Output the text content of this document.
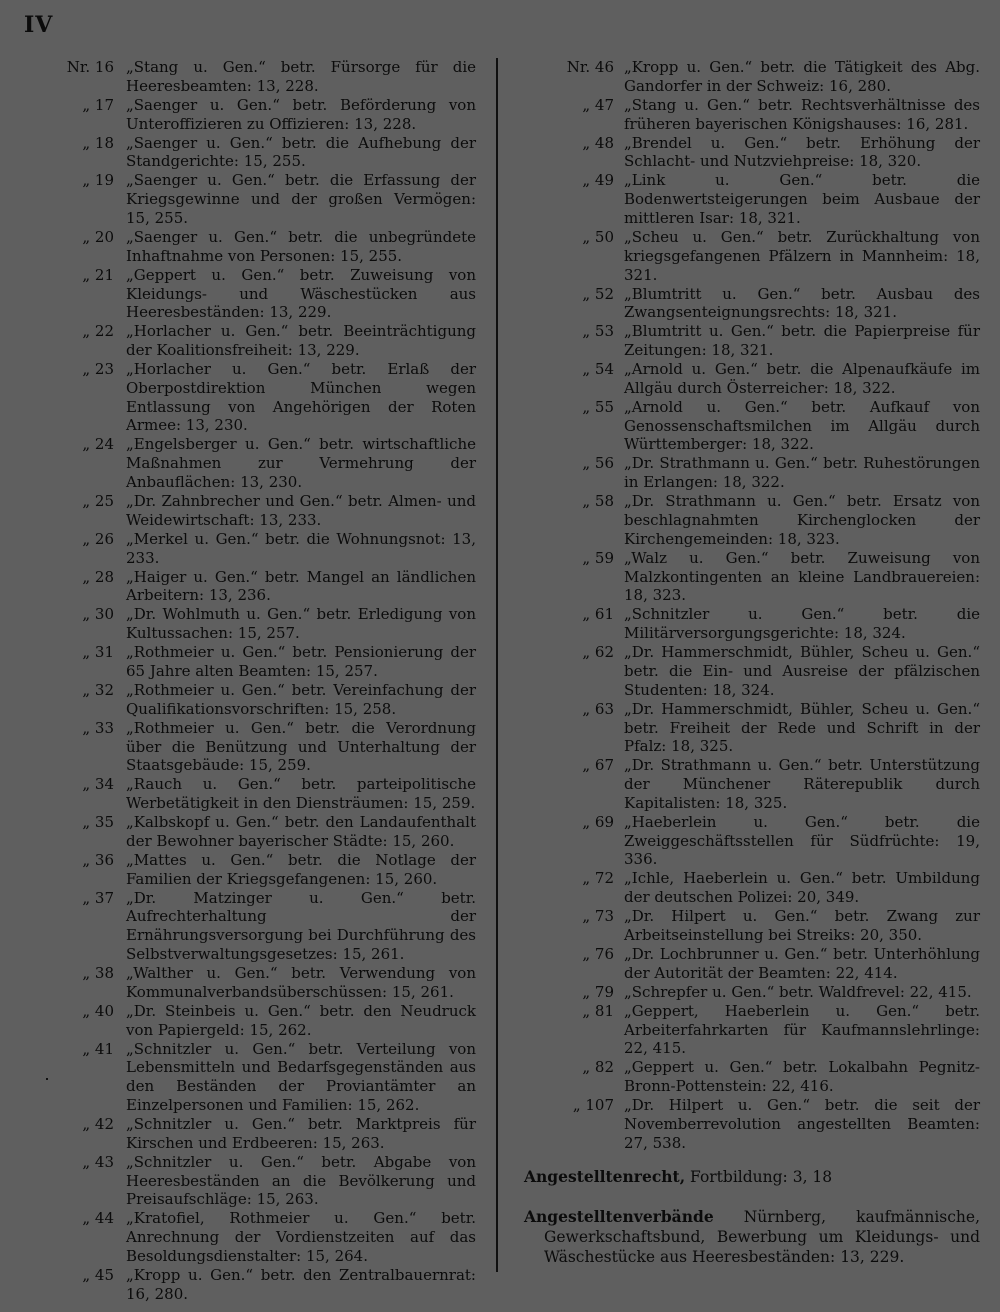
IV
Nr. 16 „Stang u. Gen.“ betr. Fürsorge für die Heeresbeamten: 13, 228.
„ 17 „Saenger u. Gen.“ betr. Beförderung von Unteroffizieren zu Offizieren: 13, 228.
„ 18 „Saenger u. Gen.“ betr. die Aufhebung der Standgerichte: 15, 255.
„ 19 „Saenger u. Gen.“ betr. die Erfassung der Kriegsgewinne und der großen Vermögen: 15, 255.
„ 20 „Saenger u. Gen.“ betr. die unbegründete Inhaftnahme von Personen: 15, 255.
„ 21 „Geppert u. Gen.“ betr. Zuweisung von Kleidungs- und Wäschestücken aus Heeresbeständen: 13, 229.
„ 22 „Horlacher u. Gen.“ betr. Beeinträchtigung der Koalitionsfreiheit: 13, 229.
„ 23 „Horlacher u. Gen.“ betr. Erlaß der Oberpostdirektion München wegen Entlassung von Angehörigen der Roten Armee: 13, 230.
„ 24 „Engelsberger u. Gen.“ betr. wirtschaftliche Maßnahmen zur Vermehrung der Anbauflächen: 13, 230.
„ 25 „Dr. Zahnbrecher und Gen.“ betr. Almen- und Weidewirtschaft: 13, 233.
„ 26 „Merkel u. Gen.“ betr. die Wohnungsnot: 13, 233.
„ 28 „Haiger u. Gen.“ betr. Mangel an ländlichen Arbeitern: 13, 236.
„ 30 „Dr. Wohlmuth u. Gen.“ betr. Erledigung von Kultussachen: 15, 257.
„ 31 „Rothmeier u. Gen.“ betr. Pensionierung der 65 Jahre alten Beamten: 15, 257.
„ 32 „Rothmeier u. Gen.“ betr. Vereinfachung der Qualifikationsvorschriften: 15, 258.
„ 33 „Rothmeier u. Gen.“ betr. die Verordnung über die Benützung und Unterhaltung der Staatsgebäude: 15, 259.
„ 34 „Rauch u. Gen.“ betr. parteipolitische Werbetätigkeit in den Diensträumen: 15, 259.
„ 35 „Kalbskopf u. Gen.“ betr. den Landaufenthalt der Bewohner bayerischer Städte: 15, 260.
„ 36 „Mattes u. Gen.“ betr. die Notlage der Familien der Kriegsgefangenen: 15, 260.
„ 37 „Dr. Matzinger u. Gen.“ betr. Aufrechterhaltung der Ernährungsversorgung bei Durchführung des Selbstverwaltungsgesetzes: 15, 261.
„ 38 „Walther u. Gen.“ betr. Verwendung von Kommunalverbandsüberschüssen: 15, 261.
„ 40 „Dr. Steinbeis u. Gen.“ betr. den Neudruck von Papiergeld: 15, 262.
„ 41 „Schnitzler u. Gen.“ betr. Verteilung von Lebensmitteln und Bedarfsgegenständen aus den Beständen der Proviantämter an Einzelpersonen und Familien: 15, 262.
„ 42 „Schnitzler u. Gen.“ betr. Marktpreis für Kirschen und Erdbeeren: 15, 263.
„ 43 „Schnitzler u. Gen.“ betr. Abgabe von Heeresbeständen an die Bevölkerung und Preisaufschläge: 15, 263.
„ 44 „Kratofiel, Rothmeier u. Gen.“ betr. Anrechnung der Vordienstzeiten auf das Besoldungsdienstalter: 15, 264.
„ 45 „Kropp u. Gen.“ betr. den Zentralbauernrat: 16, 280.
Nr. 46 „Kropp u. Gen.“ betr. die Tätigkeit des Abg. Gandorfer in der Schweiz: 16, 280.
„ 47 „Stang u. Gen.“ betr. Rechtsverhältnisse des früheren bayerischen Königshauses: 16, 281.
„ 48 „Brendel u. Gen.“ betr. Erhöhung der Schlacht- und Nutzviehpreise: 18, 320.
„ 49 „Link u. Gen.“ betr. die Bodenwertsteigerungen beim Ausbaue der mittleren Isar: 18, 321.
„ 50 „Scheu u. Gen.“ betr. Zurückhaltung von kriegsgefangenen Pfälzern in Mannheim: 18, 321.
„ 52 „Blumtritt u. Gen.“ betr. Ausbau des Zwangsenteignungsrechts: 18, 321.
„ 53 „Blumtritt u. Gen.“ betr. die Papierpreise für Zeitungen: 18, 321.
„ 54 „Arnold u. Gen.“ betr. die Alpenaufkäufe im Allgäu durch Österreicher: 18, 322.
„ 55 „Arnold u. Gen.“ betr. Aufkauf von Genossenschaftsmilchen im Allgäu durch Württemberger: 18, 322.
„ 56 „Dr. Strathmann u. Gen.“ betr. Ruhestörungen in Erlangen: 18, 322.
„ 58 „Dr. Strathmann u. Gen.“ betr. Ersatz von beschlagnahmten Kirchenglocken der Kirchengemeinden: 18, 323.
„ 59 „Walz u. Gen.“ betr. Zuweisung von Malzkontingenten an kleine Landbrauereien: 18, 323.
„ 61 „Schnitzler u. Gen.“ betr. die Militärversorgungsgerichte: 18, 324.
„ 62 „Dr. Hammerschmidt, Bühler, Scheu u. Gen.“ betr. die Ein- und Ausreise der pfälzischen Studenten: 18, 324.
„ 63 „Dr. Hammerschmidt, Bühler, Scheu u. Gen.“ betr. Freiheit der Rede und Schrift in der Pfalz: 18, 325.
„ 67 „Dr. Strathmann u. Gen.“ betr. Unterstützung der Münchener Räterepublik durch Kapitalisten: 18, 325.
„ 69 „Haeberlein u. Gen.“ betr. die Zweiggeschäftsstellen für Südfrüchte: 19, 336.
„ 72 „Ichle, Haeberlein u. Gen.“ betr. Umbildung der deutschen Polizei: 20, 349.
„ 73 „Dr. Hilpert u. Gen.“ betr. Zwang zur Arbeitseinstellung bei Streiks: 20, 350.
„ 76 „Dr. Lochbrunner u. Gen.“ betr. Unterhöhlung der Autorität der Beamten: 22, 414.
„ 79 „Schrepfer u. Gen.“ betr. Waldfrevel: 22, 415.
„ 81 „Geppert, Haeberlein u. Gen.“ betr. Arbeiterfahrkarten für Kaufmannslehrlinge: 22, 415.
„ 82 „Geppert u. Gen.“ betr. Lokalbahn Pegnitz-Bronn-Pottenstein: 22, 416.
„ 107 „Dr. Hilpert u. Gen.“ betr. die seit der Novemberrevolution angestellten Beamten: 27, 538.
Angestelltenrecht, Fortbildung: 3, 18
Angestelltenverbände Nürnberg, kaufmännische, Gewerkschaftsbund, Bewerbung um Kleidungs- und Wäschestücke aus Heeresbeständen: 13, 229.
